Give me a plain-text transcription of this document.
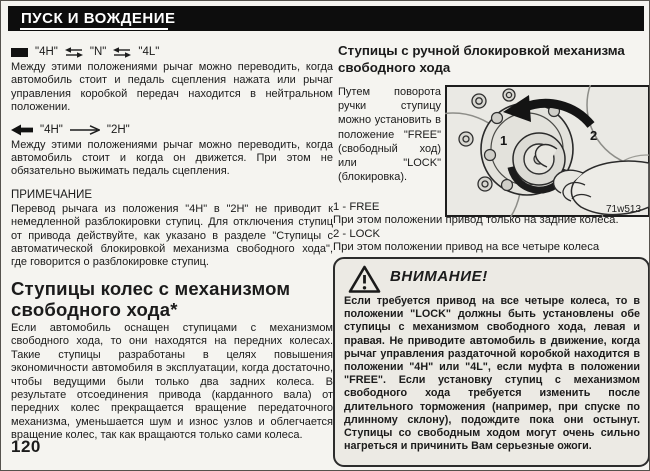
ПУСК И ВОЖДЕНИЕ
"4H"	"N"	"4L"

Между этими положениями рычаг можно переводить, когда автомобиль стоит и педаль сцепления нажата или рычаг управления коробкой передач находится в нейтральном положении.

"4H"	"2H"

Между этими положениями рычаг можно переводить, когда автомобиль стоит и когда он движется. При этом не обязательно выжимать педаль сцепления.

ПРИМЕЧАНИЕ

Перевод рычага из положения "4H" в "2H" не приводит к немедленной разблокировки ступиц. Для отключения ступиц от привода действуйте, как указано в разделе "Ступицы с автоматической блокировкой механизма свободного хода", где говорится о разблокировке ступиц.

Ступицы колес с механизмом свободного хода*

Если автомобиль оснащен ступицами с механизмом свободного хода, то они находятся на передних колесах. Такие ступицы разработаны в целях повышения экономичности автомобиля в эксплуатации, когда достаточно, чтобы ведущими были только два задних колеса. В результате отсоединения привода (карданного вала) от передних колес прекращается вращение передаточного механизма, уменьшается шум и износ узлов и облегчается вращение колес, так как вращаются только сами колеса.

120
Ступицы с ручной блокировкой механизма свободного хода

Путем поворота ручки ступицу можно установить в положение "FREE" (свободный ход) или "LOCK" (блокировка).

1	2
71w513
1 - FREE
При этом положении привод только на задние колеса.
2 - LOCK
При этом положении привод на все четыре колеса
ВНИМАНИЕ!
Если требуется привод на все четыре колеса, то в положении "LOCK" должны быть установлены обе ступицы с механизмом свободного хода, левая и правая. Не приводите автомобиль в движение, когда рычаг управления раздаточной коробкой находится в положении "4H" или "4L", если муфта в положении "FREE". Если установку ступиц с механизмом свободного хода требуется изменить после длительного торможения (например, при спуске по длинному склону), подождите пока они остынут. Ступицы со свободным ходом могут очень сильно нагреться и причинить Вам серьезные ожоги.
